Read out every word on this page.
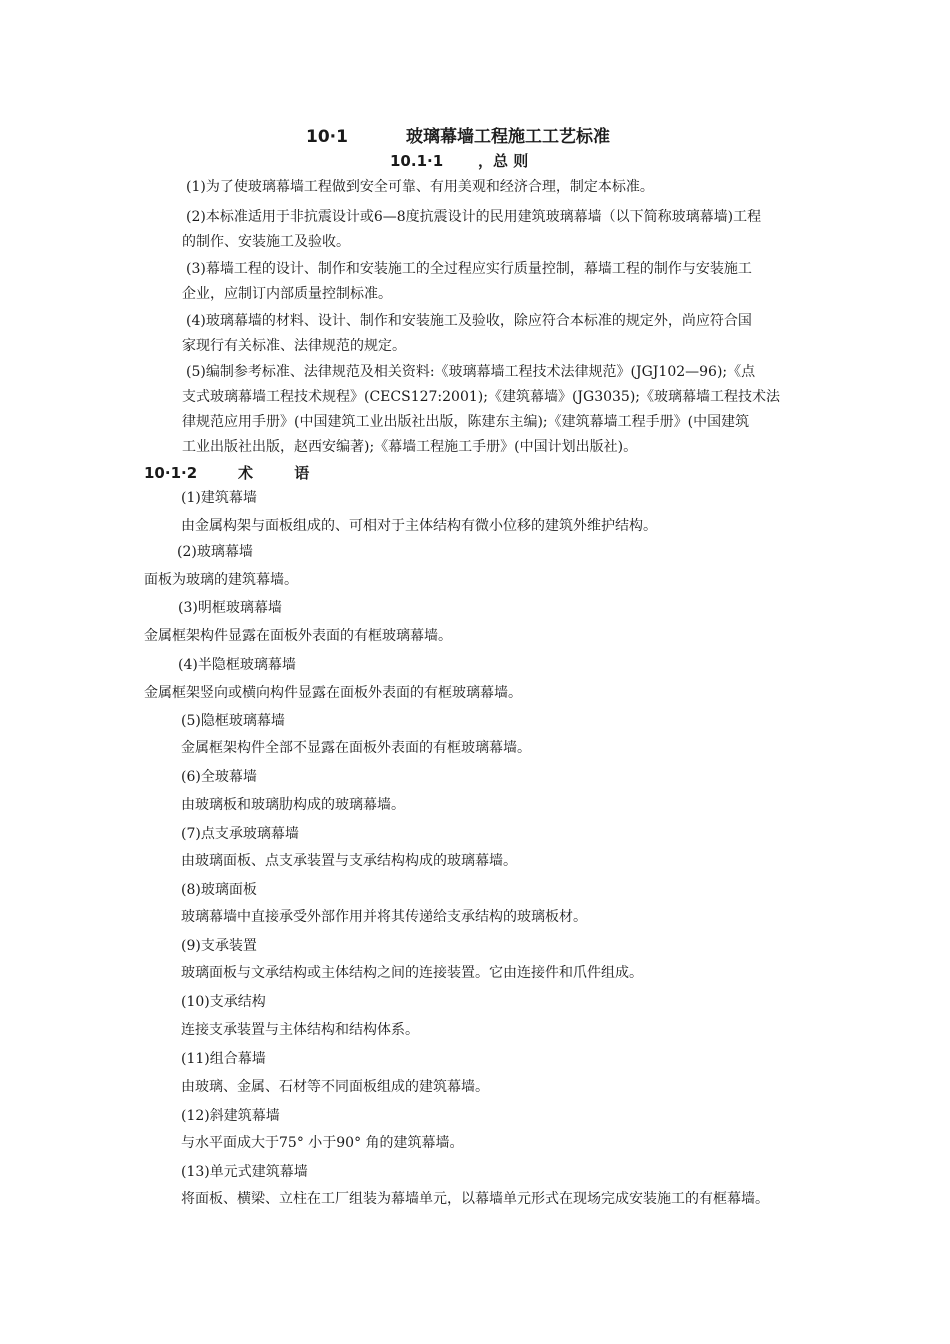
10·1	玻璃幕墙工程施工工艺标准
10.1·1 ，总 则
(1)为了使玻璃幕墙工程做到安全可靠、有用美观和经济合理，制定本标准。
(2)本标准适用于非抗震设计或6—8度抗震设计的民用建筑玻璃幕墙（以下简称玻璃幕墙)工程
的制作、安装施工及验收。
(3)幕墙工程的设计、制作和安装施工的全过程应实行质量控制，幕墙工程的制作与安装施工
企业，应制订内部质量控制标准。
(4)玻璃幕墙的材料、设计、制作和安装施工及验收，除应符合本标准的规定外，尚应符合国
家现行有关标准、法律规范的规定。
(5)编制参考标准、法律规范及相关资料:《玻璃幕墙工程技术法律规范》(JGJ102—96);《点
支式玻璃幕墙工程技术规程》(CECS127:2001);《建筑幕墙》(JG3035);《玻璃幕墙工程技术法
律规范应用手册》(中国建筑工业出版社出版，陈建东主编);《建筑幕墙工程手册》(中国建筑
工业出版社出版，赵西安编著);《幕墙工程施工手册》(中国计划出版社)。
10·1·2	术 语
(1)建筑幕墙
由金属构架与面板组成的、可相对于主体结构有微小位移的建筑外维护结构。
(2)玻璃幕墙
面板为玻璃的建筑幕墙。
(3)明框玻璃幕墙
金属框架构件显露在面板外表面的有框玻璃幕墙。
(4)半隐框玻璃幕墙
金属框架竖向或横向构件显露在面板外表面的有框玻璃幕墙。
(5)隐框玻璃幕墙
金属框架构件全部不显露在面板外表面的有框玻璃幕墙。
(6)全玻幕墙
由玻璃板和玻璃肋构成的玻璃幕墙。
(7)点支承玻璃幕墙
由玻璃面板、点支承装置与支承结构构成的玻璃幕墙。
(8)玻璃面板
玻璃幕墙中直接承受外部作用并将其传递给支承结构的玻璃板材。
(9)支承装置
玻璃面板与文承结构或主体结构之间的连接装置。它由连接件和爪件组成。
(10)支承结构
连接支承装置与主体结构和结构体系。
(11)组合幕墙
由玻璃、金属、石材等不同面板组成的建筑幕墙。
(12)斜建筑幕墙
与水平面成大于75° 小于90° 角的建筑幕墙。
(13)单元式建筑幕墙
将面板、横梁、立柱在工厂组装为幕墙单元，以幕墙单元形式在现场完成安装施工的有框幕墙。
